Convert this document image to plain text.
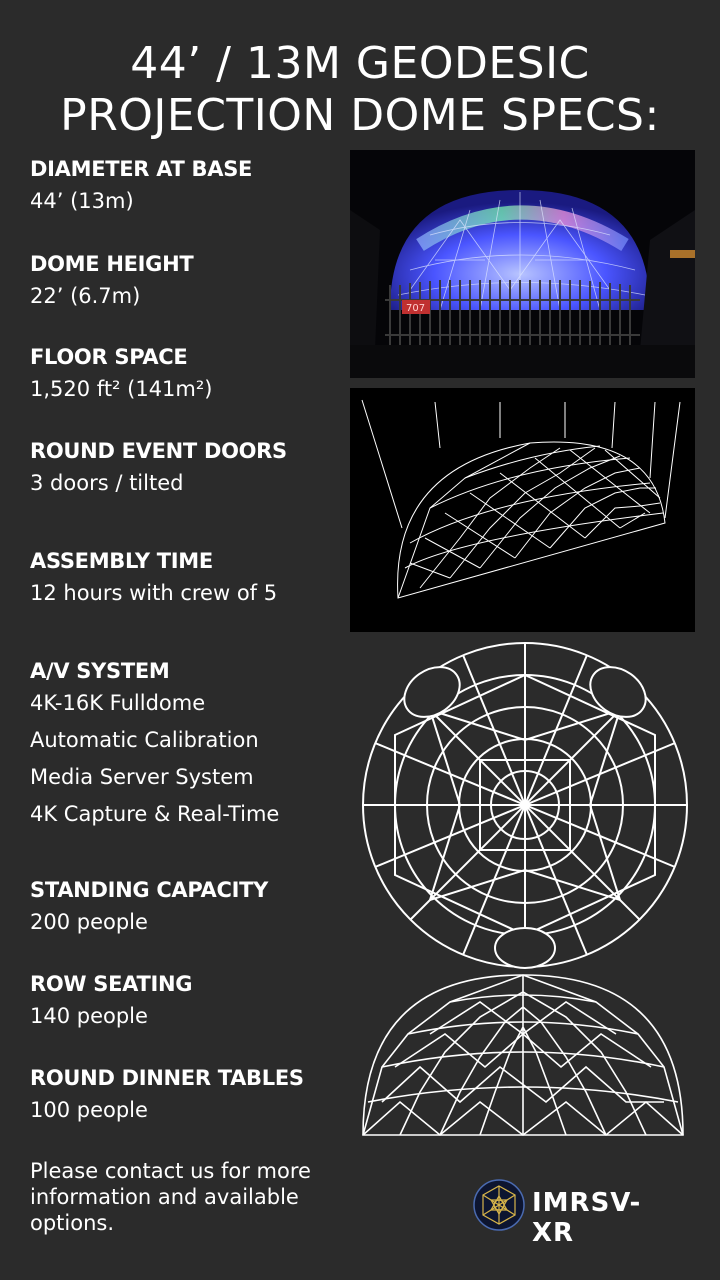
44’ / 13M GEODESIC
PROJECTION DOME SPECS:
DIAMETER AT BASE
44’ (13m)
DOME HEIGHT
22’ (6.7m)
FLOOR SPACE
1,520 ft² (141m²)
ROUND EVENT DOORS
3 doors / tilted
ASSEMBLY TIME
12 hours with crew of 5
A/V SYSTEM
4K-16K Fulldome
Automatic Calibration
Media Server System
4K Capture & Real-Time
STANDING CAPACITY
200 people
ROW SEATING
140 people
ROUND DINNER TABLES
100 people
Please contact us for more
information and available
options.
707
IMRSV-XR
